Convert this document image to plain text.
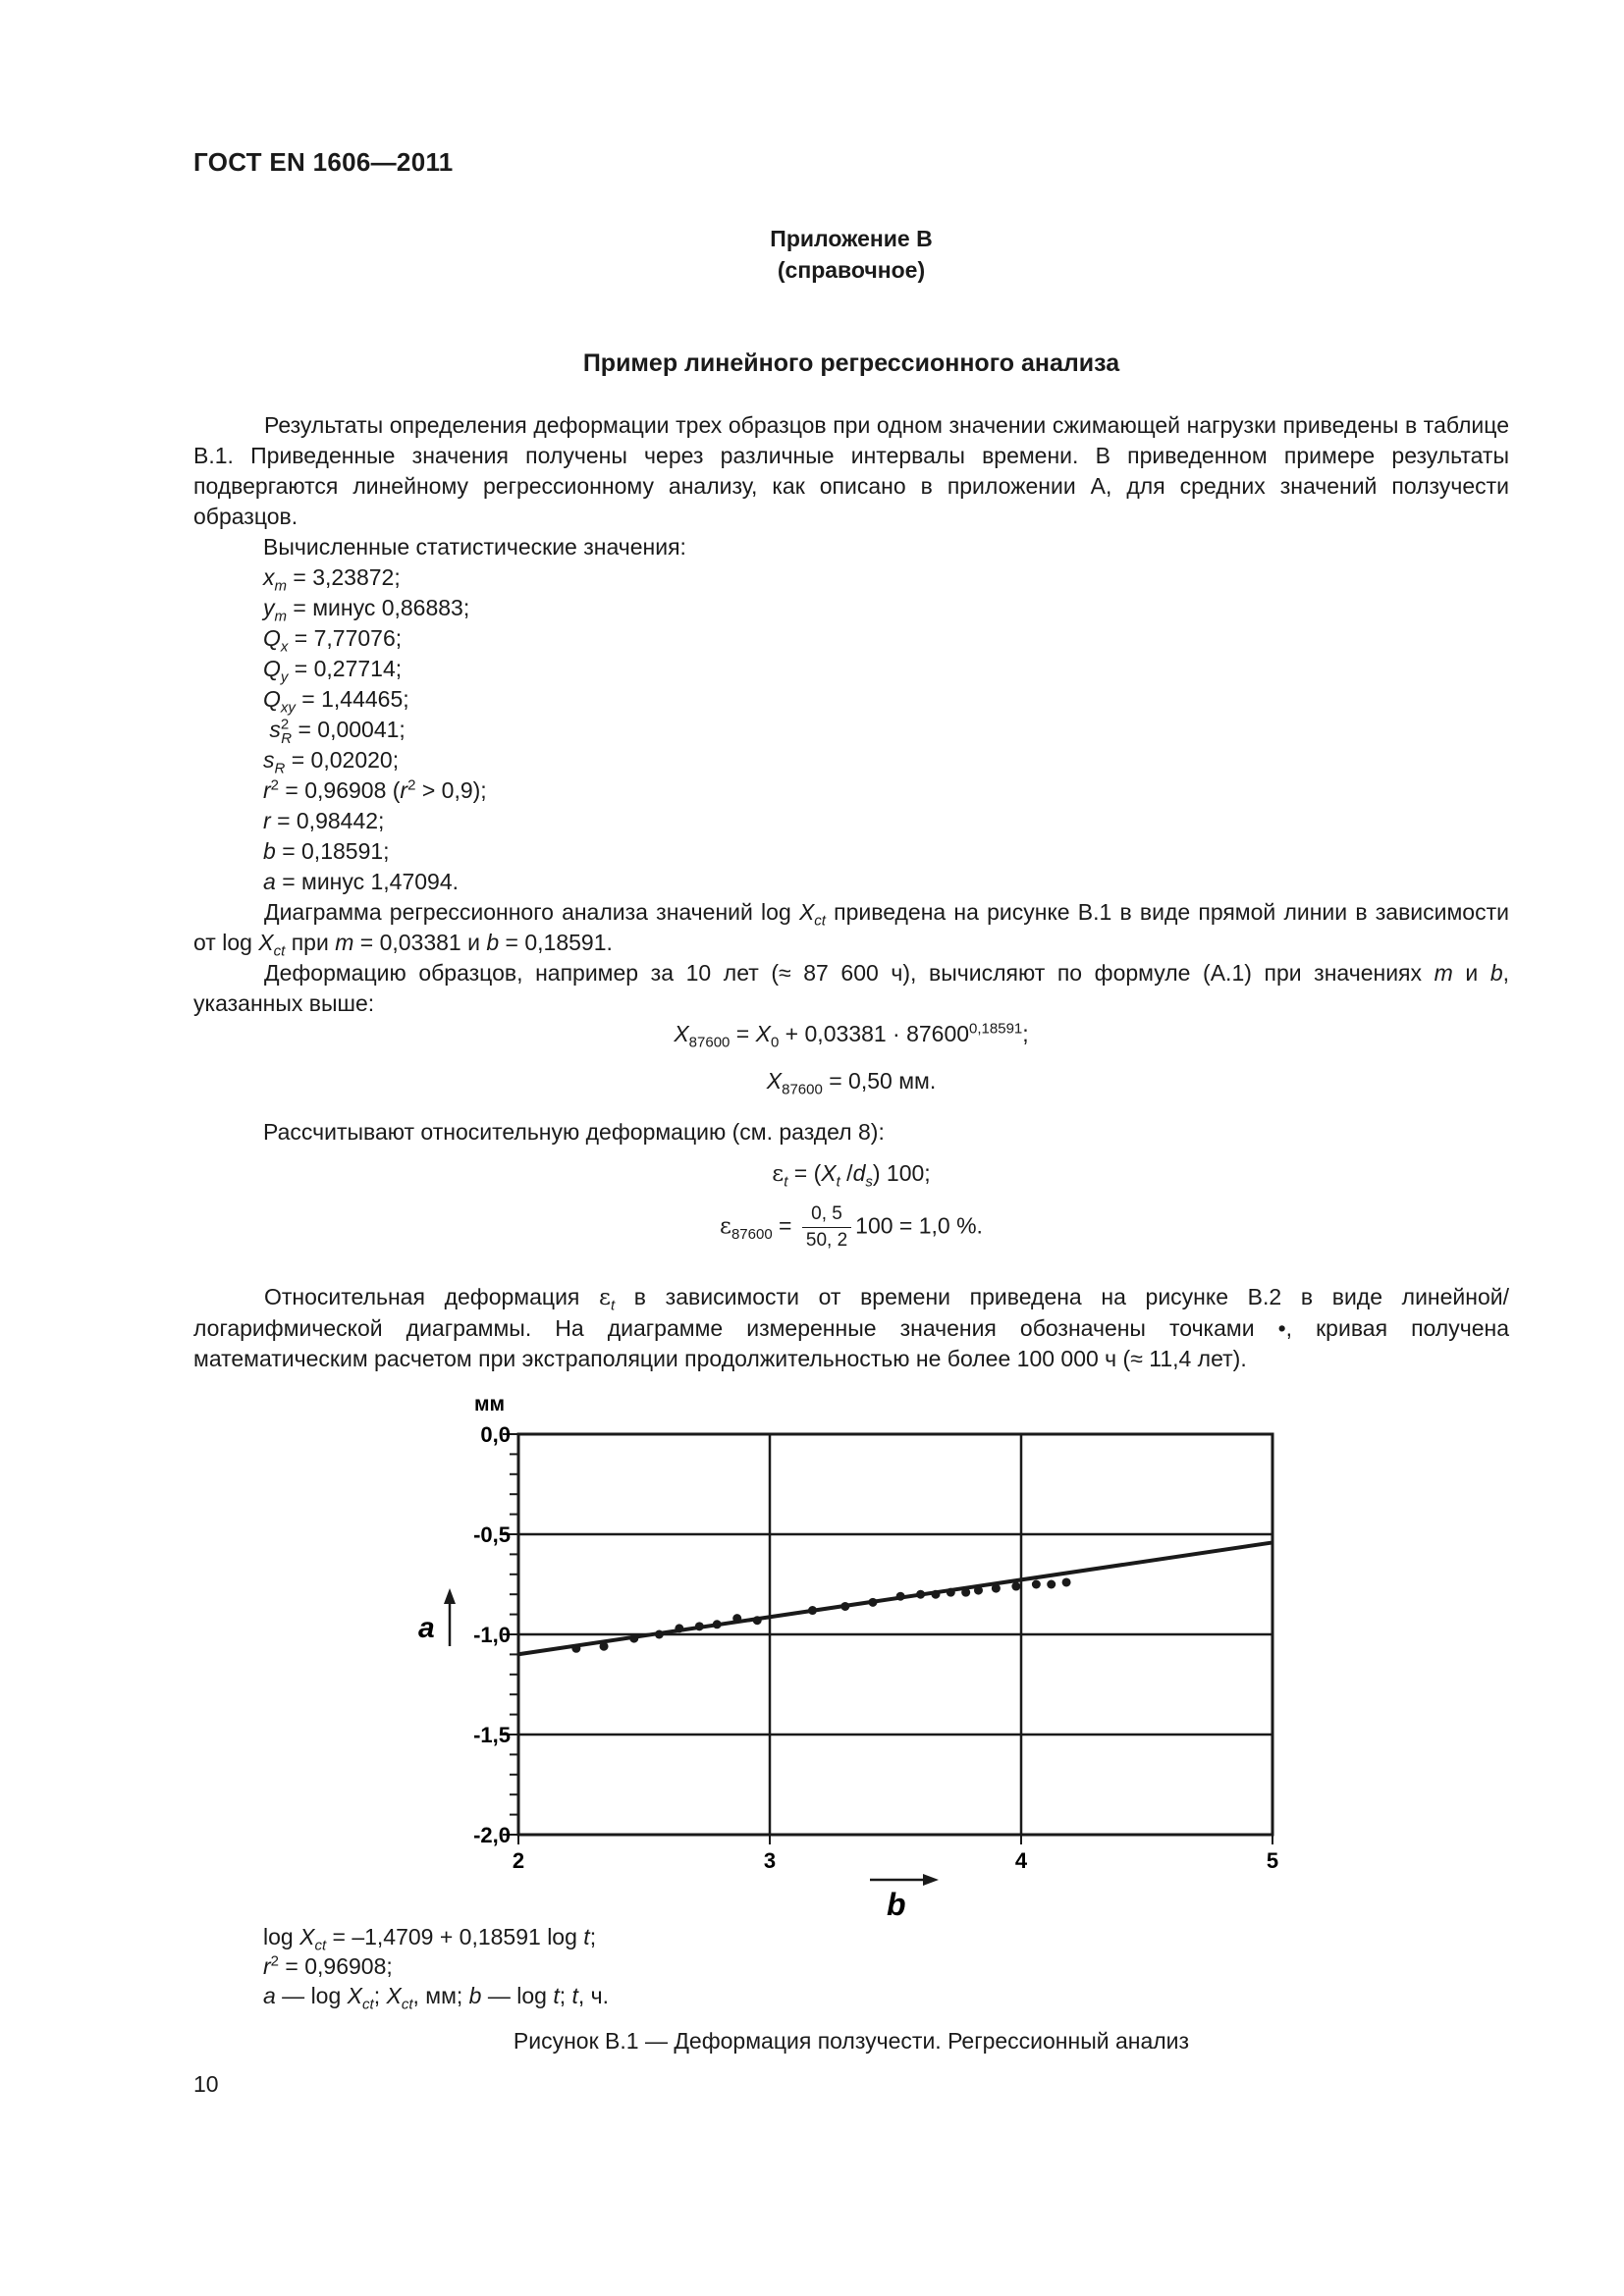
ГОСТ EN 1606—2011
Приложение В
(справочное)
Пример линейного регрессионного анализа
Результаты определения деформации трех образцов при одном значении сжимающей нагрузки приведены в таблице В.1. Приведенные значения получены через различные интервалы времени. В приведенном примере результаты подвергаются линейному регрессионному анализу, как описано в приложении А, для средних значений ползучести образцов.
Вычисленные статистические значения:
$x_m = 3,23872$;
$y_m$ = минус 0,86883;
$Q_x = 7,77076$;
$Q_y = 0,27714$;
$Q_{xy} = 1,44465$;
$s^2_R = 0,00041$;
$s_R = 0,02020$;
$r^2 = 0,96908$ $(r^2 > 0,9)$;
r = 0,98442;
b = 0,18591;
a = минус 1,47094.
Диаграмма регрессионного анализа значений $\log X_{ct}$ приведена на рисунке В.1 в виде прямой линии в зависимости от $\log X_{ct}$ при m = 0,03381 и b = 0,18591.
Деформацию образцов, например за 10 лет (≈ 87 600 ч), вычисляют по формуле (А.1) при значениях m и b, указанных выше:
$X_{87600} = X_0 + 0,03381 \cdot 87600^{0,18591}$;
$X_{87600} = 0,50$ мм.
Рассчитывают относительную деформацию (см. раздел 8):
$\varepsilon_t = (X_t$ $/d_s$) 100;
$\varepsilon_{87600} = \frac{0, 5}{50, 2} 100 = 1,0$ %.
Относительная деформация $\varepsilon_t$ в зависимости от времени приведена на рисунке В.2 в виде линейной/логарифмической диаграммы. На диаграмме измеренные значения обозначены точками •, кривая получена математическим расчетом при экстраполяции продолжительностью не более 100 000 ч (≈ 11,4 лет).
2	3	4	5
0,0
-0,5
-1,0
-1,5
-2,0
мм
a
b
$\log X_{ct} = -1,4709 + 0,18591$ log t;
$r^2 = 0,96908$;
a — $\log X_{ct}$; $X_{ct}$, мм; b — log t; t, ч.
Рисунок В.1 — Деформация ползучести. Регрессионный анализ
10
